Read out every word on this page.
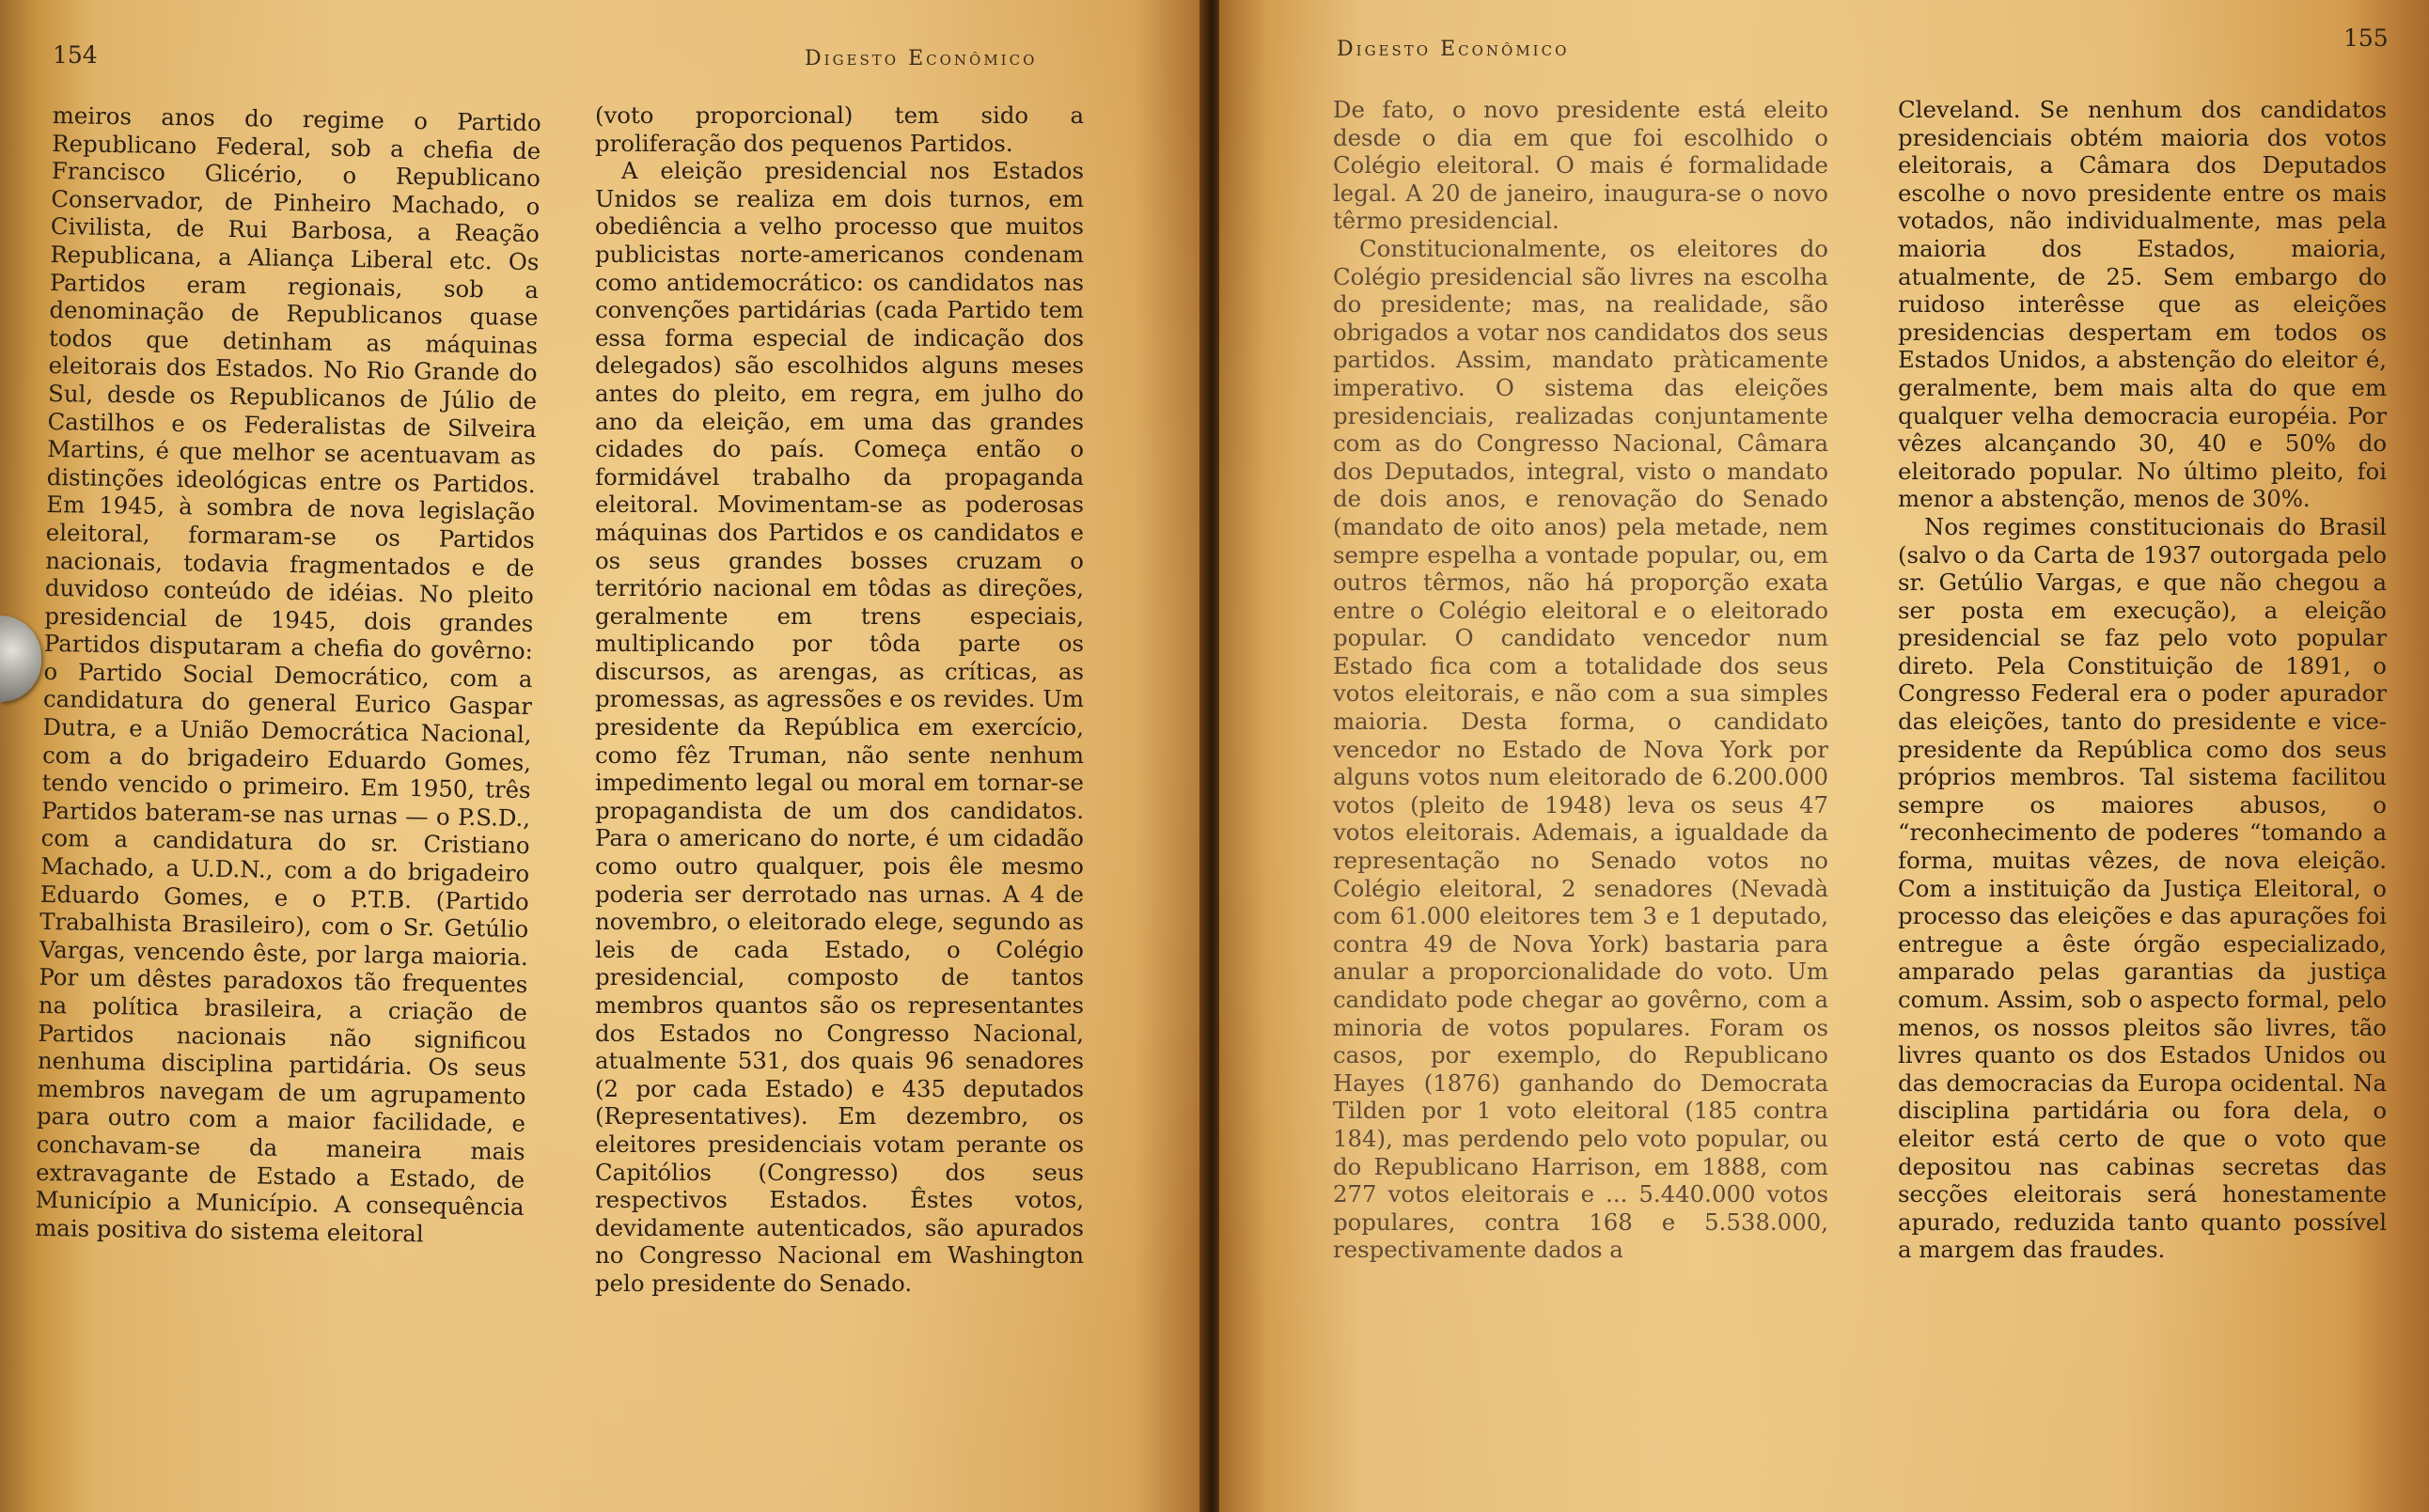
154	Digesto Econômico

meiros anos do regime o Partido Republicano Federal, sob a chefia de Francisco Glicério, o Republicano Conservador, de Pinheiro Machado, o Civilista, de Rui Barbosa, a Reação Republicana, a Aliança Liberal etc. Os Partidos eram regionais, sob a denominação de Republicanos quase todos que detinham as máquinas eleitorais dos Estados. No Rio Grande do Sul, desde os Republicanos de Júlio de Castilhos e os Federalistas de Silveira Martins, é que melhor se acentuavam as distinções ideológicas entre os Partidos. Em 1945, à sombra de nova legislação eleitoral, formaram-se os Partidos nacionais, todavia fragmentados e de duvidoso conteúdo de idéias. No pleito presidencial de 1945, dois grandes Partidos disputaram a chefia do govêrno: o Partido Social Democrático, com a candidatura do general Eurico Gaspar Dutra, e a União Democrática Nacional, com a do brigadeiro Eduardo Gomes, tendo vencido o primeiro. Em 1950, três Partidos bateram-se nas urnas — o P.S.D., com a candidatura do sr. Cristiano Machado, a U.D.N., com a do brigadeiro Eduardo Gomes, e o P.T.B. (Partido Trabalhista Brasileiro), com o Sr. Getúlio Vargas, vencendo êste, por larga maioria. Por um dêstes paradoxos tão frequentes na política brasileira, a criação de Partidos nacionais não significou nenhuma disciplina partidária. Os seus membros navegam de um agrupamento para outro com a maior facilidade, e conchavam-se da maneira mais extravagante de Estado a Estado, de Município a Município. A consequência mais positiva do sistema eleitoral

(voto proporcional) tem sido a proliferação dos pequenos Partidos.

A eleição presidencial nos Estados Unidos se realiza em dois turnos, em obediência a velho processo que muitos publicistas norte-americanos condenam como antidemocrático: os candidatos nas convenções partidárias (cada Partido tem essa forma especial de indicação dos delegados) são escolhidos alguns meses antes do pleito, em regra, em julho do ano da eleição, em uma das grandes cidades do país. Começa então o formidável trabalho da propaganda eleitoral. Movimentam-se as poderosas máquinas dos Partidos e os candidatos e os seus grandes bosses cruzam o território nacional em tôdas as direções, geralmente em trens especiais, multiplicando por tôda parte os discursos, as arengas, as críticas, as promessas, as agressões e os revides. Um presidente da República em exercício, como fêz Truman, não sente nenhum impedimento legal ou moral em tornar-se propagandista de um dos candidatos. Para o americano do norte, é um cidadão como outro qualquer, pois êle mesmo poderia ser derrotado nas urnas. A 4 de novembro, o eleitorado elege, segundo as leis de cada Estado, o Colégio presidencial, composto de tantos membros quantos são os representantes dos Estados no Congresso Nacional, atualmente 531, dos quais 96 senadores (2 por cada Estado) e 435 deputados (Representatives). Em dezembro, os eleitores presidenciais votam perante os Capitólios (Congresso) dos seus respectivos Estados. Êstes votos, devidamente autenticados, são apurados no Congresso Nacional em Washington pelo presidente do Senado.

Digesto Econômico	155

De fato, o novo presidente está eleito desde o dia em que foi escolhido o Colégio eleitoral. O mais é formalidade legal. A 20 de janeiro, inaugura-se o novo têrmo presidencial.

Constitucionalmente, os eleitores do Colégio presidencial são livres na escolha do presidente; mas, na realidade, são obrigados a votar nos candidatos dos seus partidos. Assim, mandato pràticamente imperativo. O sistema das eleições presidenciais, realizadas conjuntamente com as do Congresso Nacional, Câmara dos Deputados, integral, visto o mandato de dois anos, e renovação do Senado (mandato de oito anos) pela metade, nem sempre espelha a vontade popular, ou, em outros têrmos, não há proporção exata entre o Colégio eleitoral e o eleitorado popular. O candidato vencedor num Estado fica com a totalidade dos seus votos eleitorais, e não com a sua simples maioria. Desta forma, o candidato vencedor no Estado de Nova York por alguns votos num eleitorado de 6.200.000 votos (pleito de 1948) leva os seus 47 votos eleitorais. Ademais, a igualdade da representação no Senado votos no Colégio eleitoral, 2 senadores (Nevadà com 61.000 eleitores tem 3 e 1 deputado, contra 49 de Nova York) bastaria para anular a proporcionalidade do voto. Um candidato pode chegar ao govêrno, com a minoria de votos populares. Foram os casos, por exemplo, do Republicano Hayes (1876) ganhando do Democrata Tilden por 1 voto eleitoral (185 contra 184), mas perdendo pelo voto popular, ou do Republicano Harrison, em 1888, com 277 votos eleitorais e ... 5.440.000 votos populares, contra 168 e 5.538.000, respectivamente dados a

Cleveland. Se nenhum dos candidatos presidenciais obtém maioria dos votos eleitorais, a Câmara dos Deputados escolhe o novo presidente entre os mais votados, não individualmente, mas pela maioria dos Estados, maioria, atualmente, de 25. Sem embargo do ruidoso interêsse que as eleições presidencias despertam em todos os Estados Unidos, a abstenção do eleitor é, geralmente, bem mais alta do que em qualquer velha democracia européia. Por vêzes alcançando 30, 40 e 50% do eleitorado popular. No último pleito, foi menor a abstenção, menos de 30%.

Nos regimes constitucionais do Brasil (salvo o da Carta de 1937 outorgada pelo sr. Getúlio Vargas, e que não chegou a ser posta em execução), a eleição presidencial se faz pelo voto popular direto. Pela Constituição de 1891, o Congresso Federal era o poder apurador das eleições, tanto do presidente e vice-presidente da República como dos seus próprios membros. Tal sistema facilitou sempre os maiores abusos, o “reconhecimento de poderes “tomando a forma, muitas vêzes, de nova eleição. Com a instituição da Justiça Eleitoral, o processo das eleições e das apurações foi entregue a êste órgão especializado, amparado pelas garantias da justiça comum. Assim, sob o aspecto formal, pelo menos, os nossos pleitos são livres, tão livres quanto os dos Estados Unidos ou das democracias da Europa ocidental. Na disciplina partidária ou fora dela, o eleitor está certo de que o voto que depositou nas cabinas secretas das secções eleitorais será honestamente apurado, reduzida tanto quanto possível a margem das fraudes.
